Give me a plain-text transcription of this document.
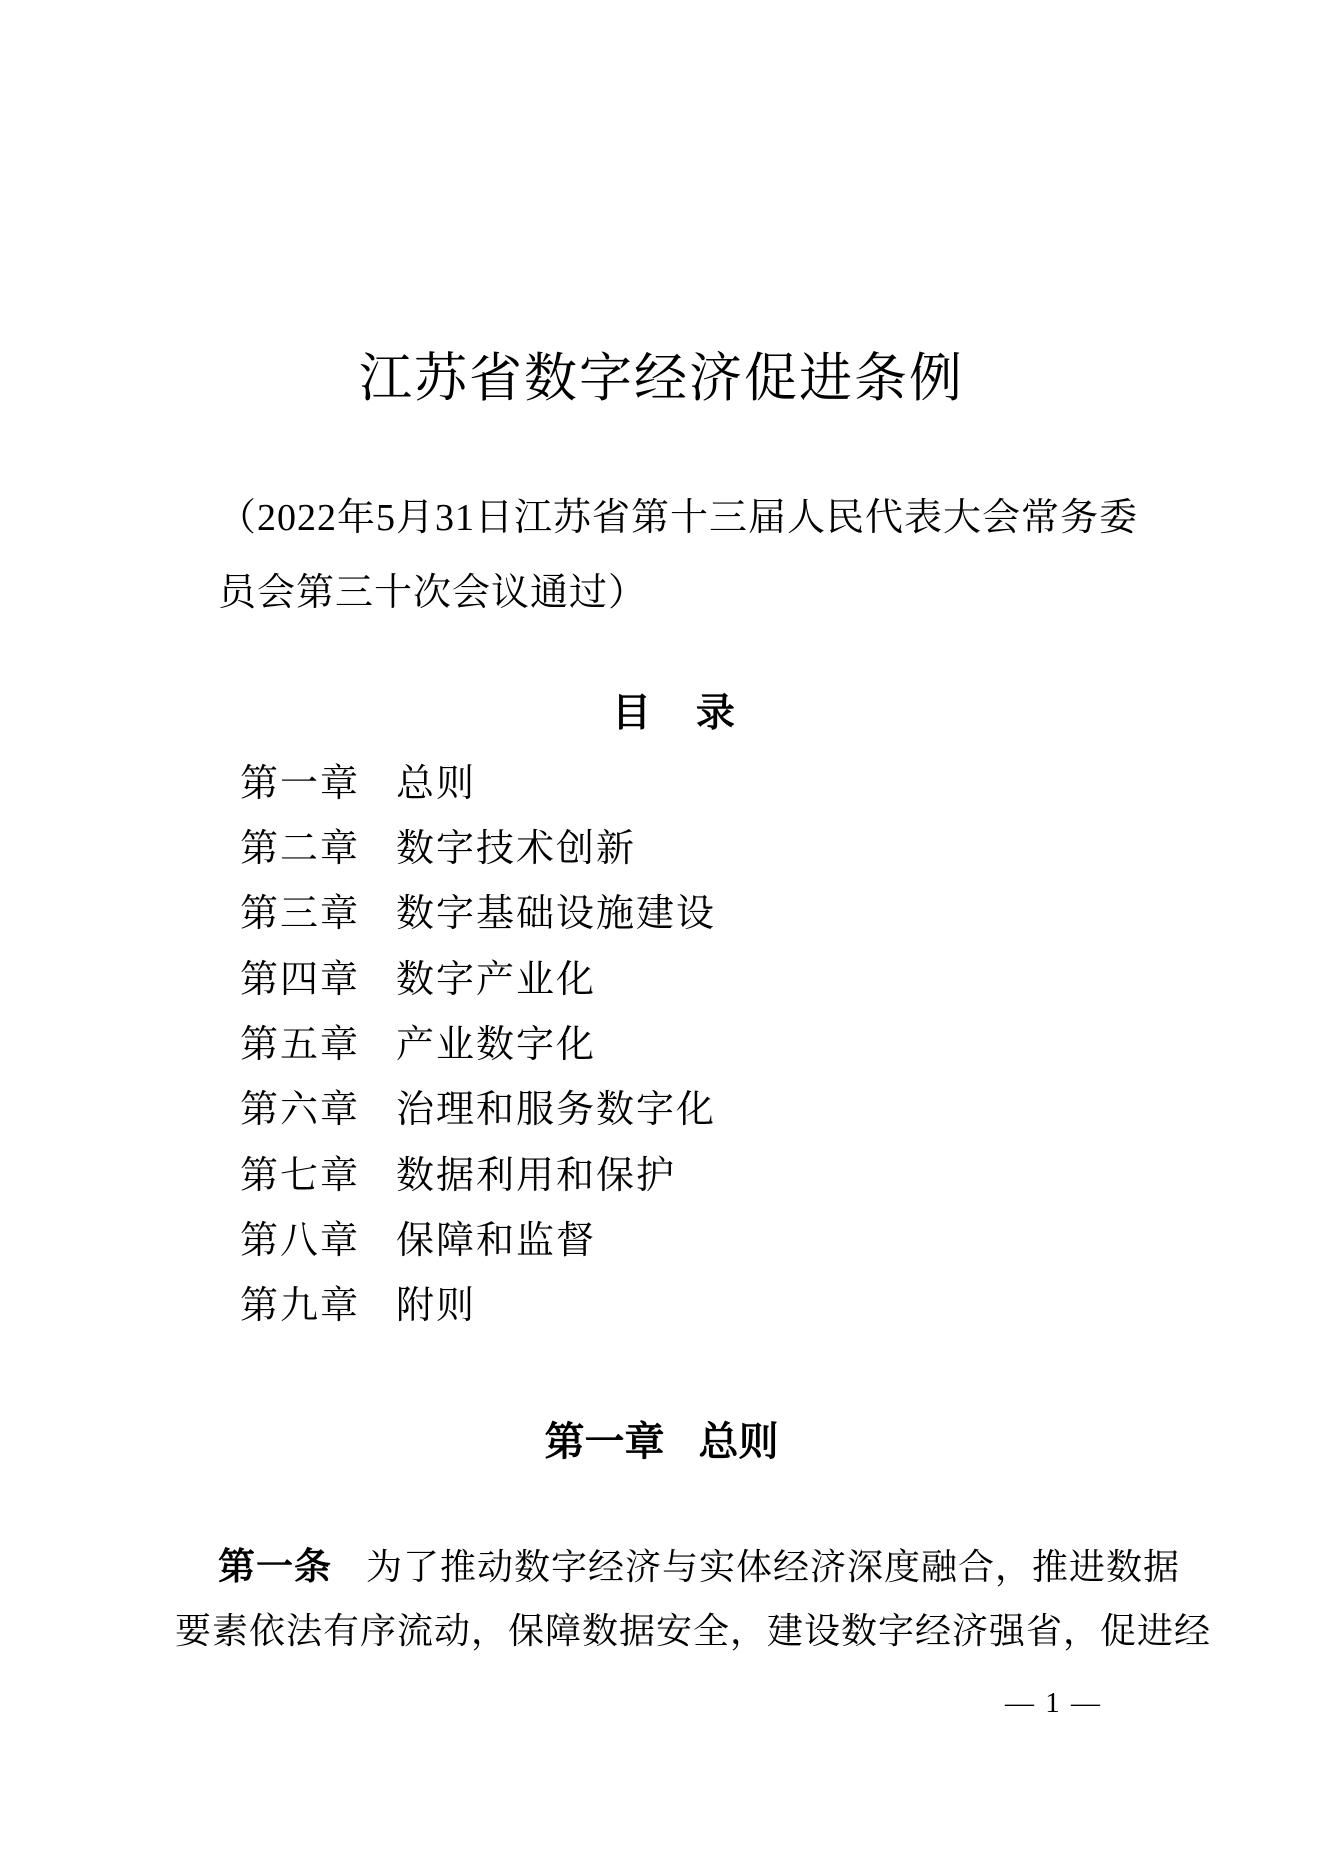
江苏省数字经济促进条例
（2022年5月31日江苏省第十三届人民代表大会常务委
员会第三十次会议通过）
目录
第一章 总则
第二章 数字技术创新
第三章 数字基础设施建设
第四章 数字产业化
第五章 产业数字化
第六章 治理和服务数字化
第七章 数据利用和保护
第八章 保障和监督
第九章 附则
第一章 总则
第一条 为了推动数字经济与实体经济深度融合，推进数据
要素依法有序流动，保障数据安全，建设数字经济强省，促进经
— 1 —
